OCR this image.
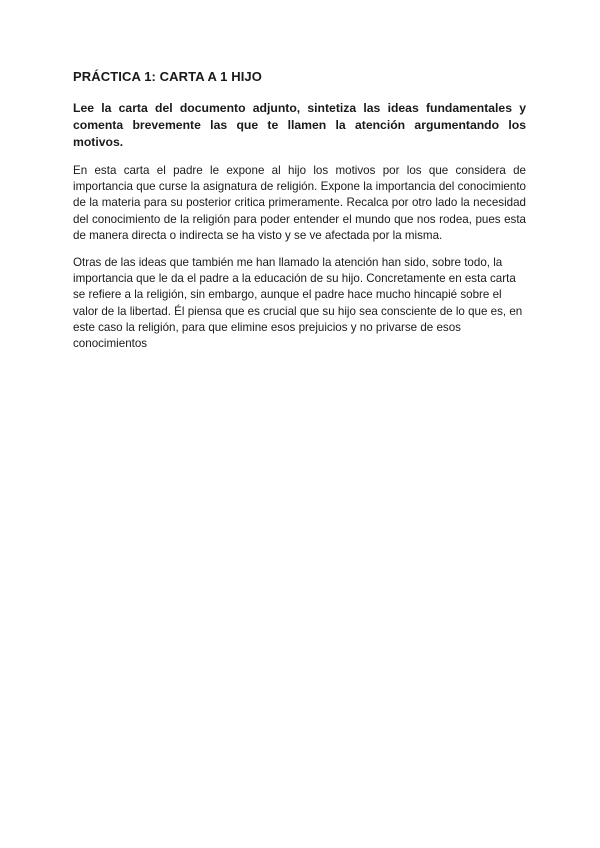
PRÁCTICA 1: CARTA A 1 HIJO
Lee la carta del documento adjunto, sintetiza las ideas fundamentales y comenta brevemente las que te llamen la atención argumentando los motivos.
En esta carta el padre le expone al hijo los motivos por los que considera de importancia que curse la asignatura de religión. Expone la importancia del conocimiento de la materia para su posterior critica primeramente. Recalca por otro lado la necesidad del conocimiento de la religión para poder entender el mundo que nos rodea, pues esta de manera directa o indirecta se ha visto y se ve afectada por la misma.
Otras de las ideas que también me han llamado la atención han sido, sobre todo, la importancia que le da el padre a la educación de su hijo. Concretamente en esta carta se refiere a la religión, sin embargo, aunque el padre hace mucho hincapié sobre el valor de la libertad. Él piensa que es crucial que su hijo sea consciente de lo que es, en este caso la religión, para que elimine esos prejuicios y no privarse de esos conocimientos
